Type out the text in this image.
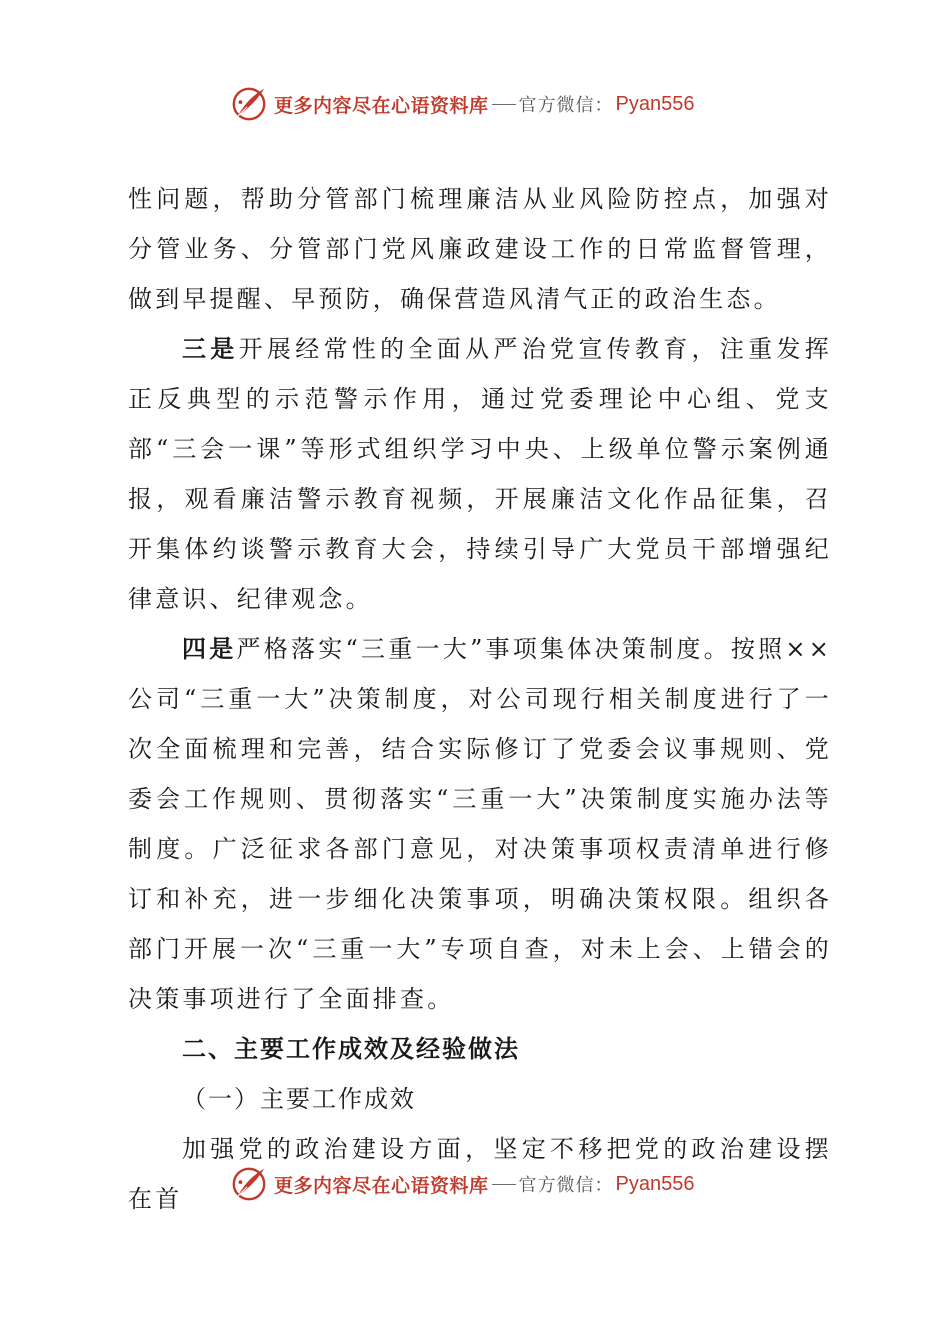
更多内容尽在心语资料库 官方微信： Pyan556

性问题，帮助分管部门梳理廉洁从业风险防控点，加强对分管业务、分管部门党风廉政建设工作的日常监督管理，做到早提醒、早预防，确保营造风清气正的政治生态。

三是开展经常性的全面从严治党宣传教育，注重发挥正反典型的示范警示作用，通过党委理论中心组、党支部“三会一课”等形式组织学习中央、上级单位警示案例通报，观看廉洁警示教育视频，开展廉洁文化作品征集，召开集体约谈警示教育大会，持续引导广大党员干部增强纪律意识、纪律观念。

四是严格落实“三重一大”事项集体决策制度。按照××公司“三重一大”决策制度，对公司现行相关制度进行了一次全面梳理和完善，结合实际修订了党委会议事规则、党委会工作规则、贯彻落实“三重一大”决策制度实施办法等制度。广泛征求各部门意见，对决策事项权责清单进行修订和补充，进一步细化决策事项，明确决策权限。组织各部门开展一次“三重一大”专项自查，对未上会、上错会的决策事项进行了全面排查。

二、主要工作成效及经验做法

（一）主要工作成效

加强党的政治建设方面，坚定不移把党的政治建设摆在首	更多内容尽在心语资料库 官方微信： Pyan556
